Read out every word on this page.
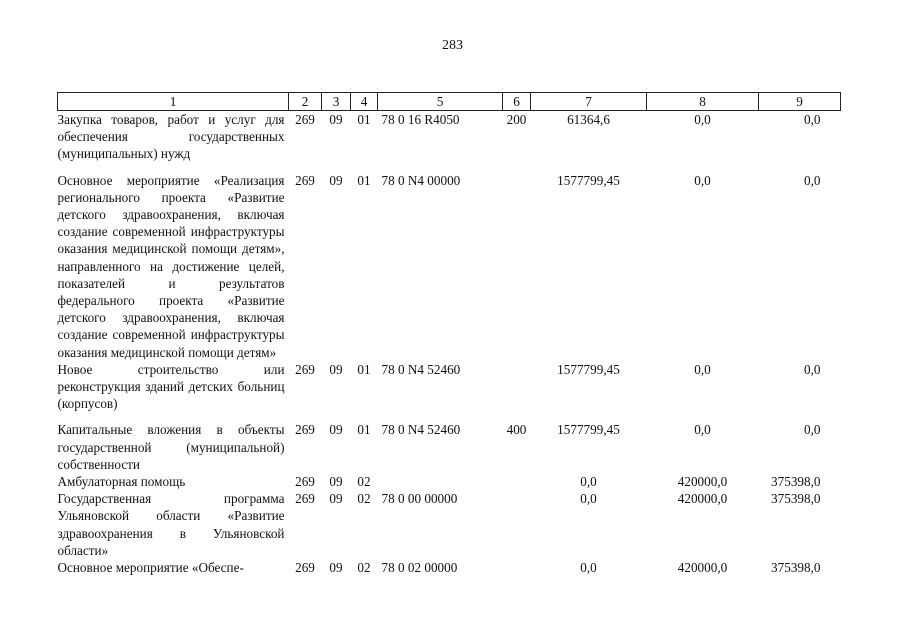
283
1	2	3	4	5	6	7	8	9
Закупка товаров, работ и услуг для обеспечения государственных (муниципальных) нужд	269	09	01	78 0 16 R4050	200	61364,6	0,0	0,0

Основное мероприятие «Реализация регионального проекта «Развитие детского здравоохранения, включая создание современной инфраструктуры оказания медицинской помощи детям», направленного на достижение целей, показателей и результатов федерального проекта «Развитие детского здравоохранения, включая создание современной инфраструктуры оказания медицинской помощи детям»	269	09	01	78 0 N4 00000		1577799,45	0,0	0,0
Новое строительство или реконструкция зданий детских больниц (корпусов)	269	09	01	78 0 N4 52460		1577799,45	0,0	0,0

Капитальные вложения в объекты государственной (муниципальной) собственности	269	09	01	78 0 N4 52460	400	1577799,45	0,0	0,0
Амбулаторная помощь	269	09	02			0,0	420000,0	375398,0
Государственная программа Ульяновской области «Развитие здравоохранения в Ульяновской области»	269	09	02	78 0 00 00000		0,0	420000,0	375398,0
Основное мероприятие «Обеспе-	269	09	02	78 0 02 00000		0,0	420000,0	375398,0
